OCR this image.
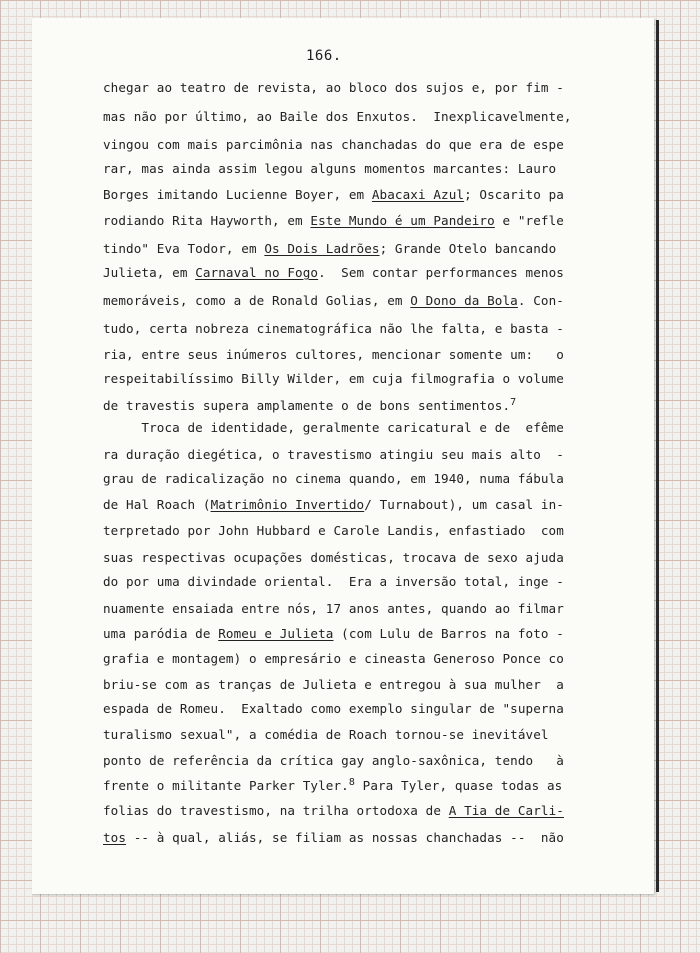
166.
chegar ao teatro de revista, ao bloco dos sujos e, por fim -
mas não por último, ao Baile dos Enxutos.  Inexplicavelmente,
vingou com mais parcimônia nas chanchadas do que era de espe
rar, mas ainda assim legou alguns momentos marcantes: Lauro
Borges imitando Lucienne Boyer, em Abacaxi Azul; Oscarito pa
rodiando Rita Hayworth, em Este Mundo é um Pandeiro e "refle
tindo" Eva Todor, em Os Dois Ladrões; Grande Otelo bancando
Julieta, em Carnaval no Fogo.  Sem contar performances menos
memoráveis, como a de Ronald Golias, em O Dono da Bola. Con-
tudo, certa nobreza cinematográfica não lhe falta, e basta -
ria, entre seus inúmeros cultores, mencionar somente um:   o
respeitabilíssimo Billy Wilder, em cuja filmografia o volume
de travestis supera amplamente o de bons sentimentos.$^7$
Troca de identidade, geralmente caricatural e de  efême
ra duração diegética, o travestismo atingiu seu mais alto  -
grau de radicalização no cinema quando, em 1940, numa fábula
de Hal Roach (Matrimônio Invertido/ Turnabout), um casal in-
terpretado por John Hubbard e Carole Landis, enfastiado  com
suas respectivas ocupações domésticas, trocava de sexo ajuda
do por uma divindade oriental.  Era a inversão total, inge -
nuamente ensaiada entre nós, 17 anos antes, quando ao filmar
uma paródia de Romeu e Julieta (com Lulu de Barros na foto -
grafia e montagem) o empresário e cineasta Generoso Ponce co
briu-se com as tranças de Julieta e entregou à sua mulher  a
espada de Romeu.  Exaltado como exemplo singular de "superna
turalismo sexual", a comédia de Roach tornou-se inevitável
ponto de referência da crítica gay anglo-saxônica, tendo   à
frente o militante Parker Tyler.$^8$ Para Tyler, quase todas as
folias do travestismo, na trilha ortodoxa de A Tia de Carli-
tos -- à qual, aliás, se filiam as nossas chanchadas --  não
